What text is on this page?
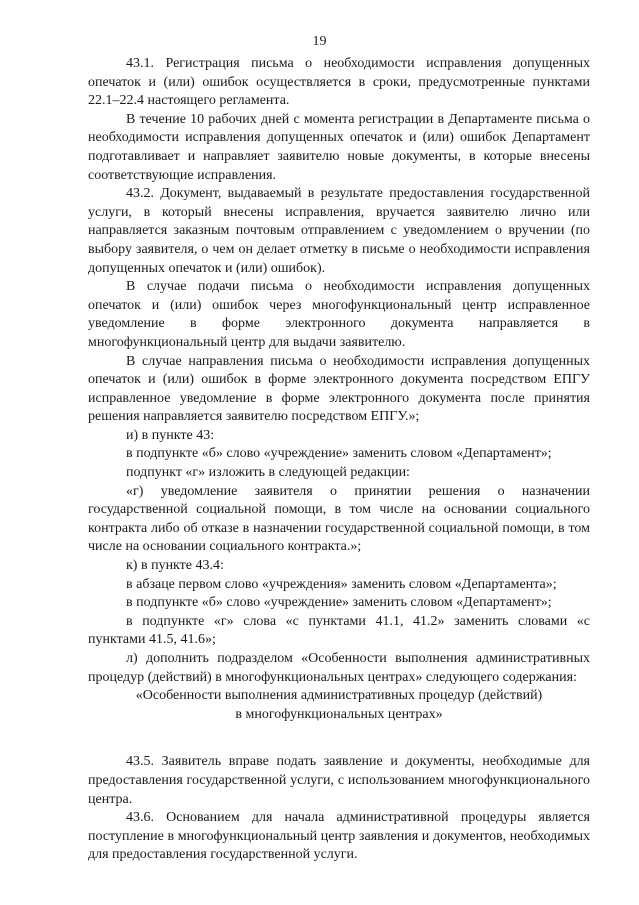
19

43.1. Регистрация письма о необходимости исправления допущенных опечаток и (или) ошибок осуществляется в сроки, предусмотренные пунктами 22.1–22.4 настоящего регламента.

В течение 10 рабочих дней с момента регистрации в Департаменте письма о необходимости исправления допущенных опечаток и (или) ошибок Департамент подготавливает и направляет заявителю новые документы, в которые внесены соответствующие исправления.

43.2. Документ, выдаваемый в результате предоставления государственной услуги, в который внесены исправления, вручается заявителю лично или направляется заказным почтовым отправлением с уведомлением о вручении (по выбору заявителя, о чем он делает отметку в письме о необходимости исправления допущенных опечаток и (или) ошибок).

В случае подачи письма о необходимости исправления допущенных опечаток и (или) ошибок через многофункциональный центр исправленное уведомление в форме электронного документа направляется в многофункциональный центр для выдачи заявителю.

В случае направления письма о необходимости исправления допущенных опечаток и (или) ошибок в форме электронного документа посредством ЕПГУ исправленное уведомление в форме электронного документа после принятия решения направляется заявителю посредством ЕПГУ.»;

и) в пункте 43:

в подпункте «б» слово «учреждение» заменить словом «Департамент»;

подпункт «г» изложить в следующей редакции:

«г) уведомление заявителя о принятии решения о назначении государственной социальной помощи, в том числе на основании социального контракта либо об отказе в назначении государственной социальной помощи, в том числе на основании социального контракта.»;

к) в пункте 43.4:

в абзаце первом слово «учреждения» заменить словом «Департамента»;

в подпункте «б» слово «учреждение» заменить словом «Департамент»;

в подпункте «г» слова «с пунктами 41.1, 41.2» заменить словами «с пунктами 41.5, 41.6»;

л) дополнить подразделом «Особенности выполнения административных процедур (действий) в многофункциональных центрах» следующего содержания:

«Особенности выполнения административных процедур (действий)
в многофункциональных центрах»

43.5. Заявитель вправе подать заявление и документы, необходимые для предоставления государственной услуги, с использованием многофункционального центра.

43.6. Основанием для начала административной процедуры является поступление в многофункциональный центр заявления и документов, необходимых для предоставления государственной услуги.
